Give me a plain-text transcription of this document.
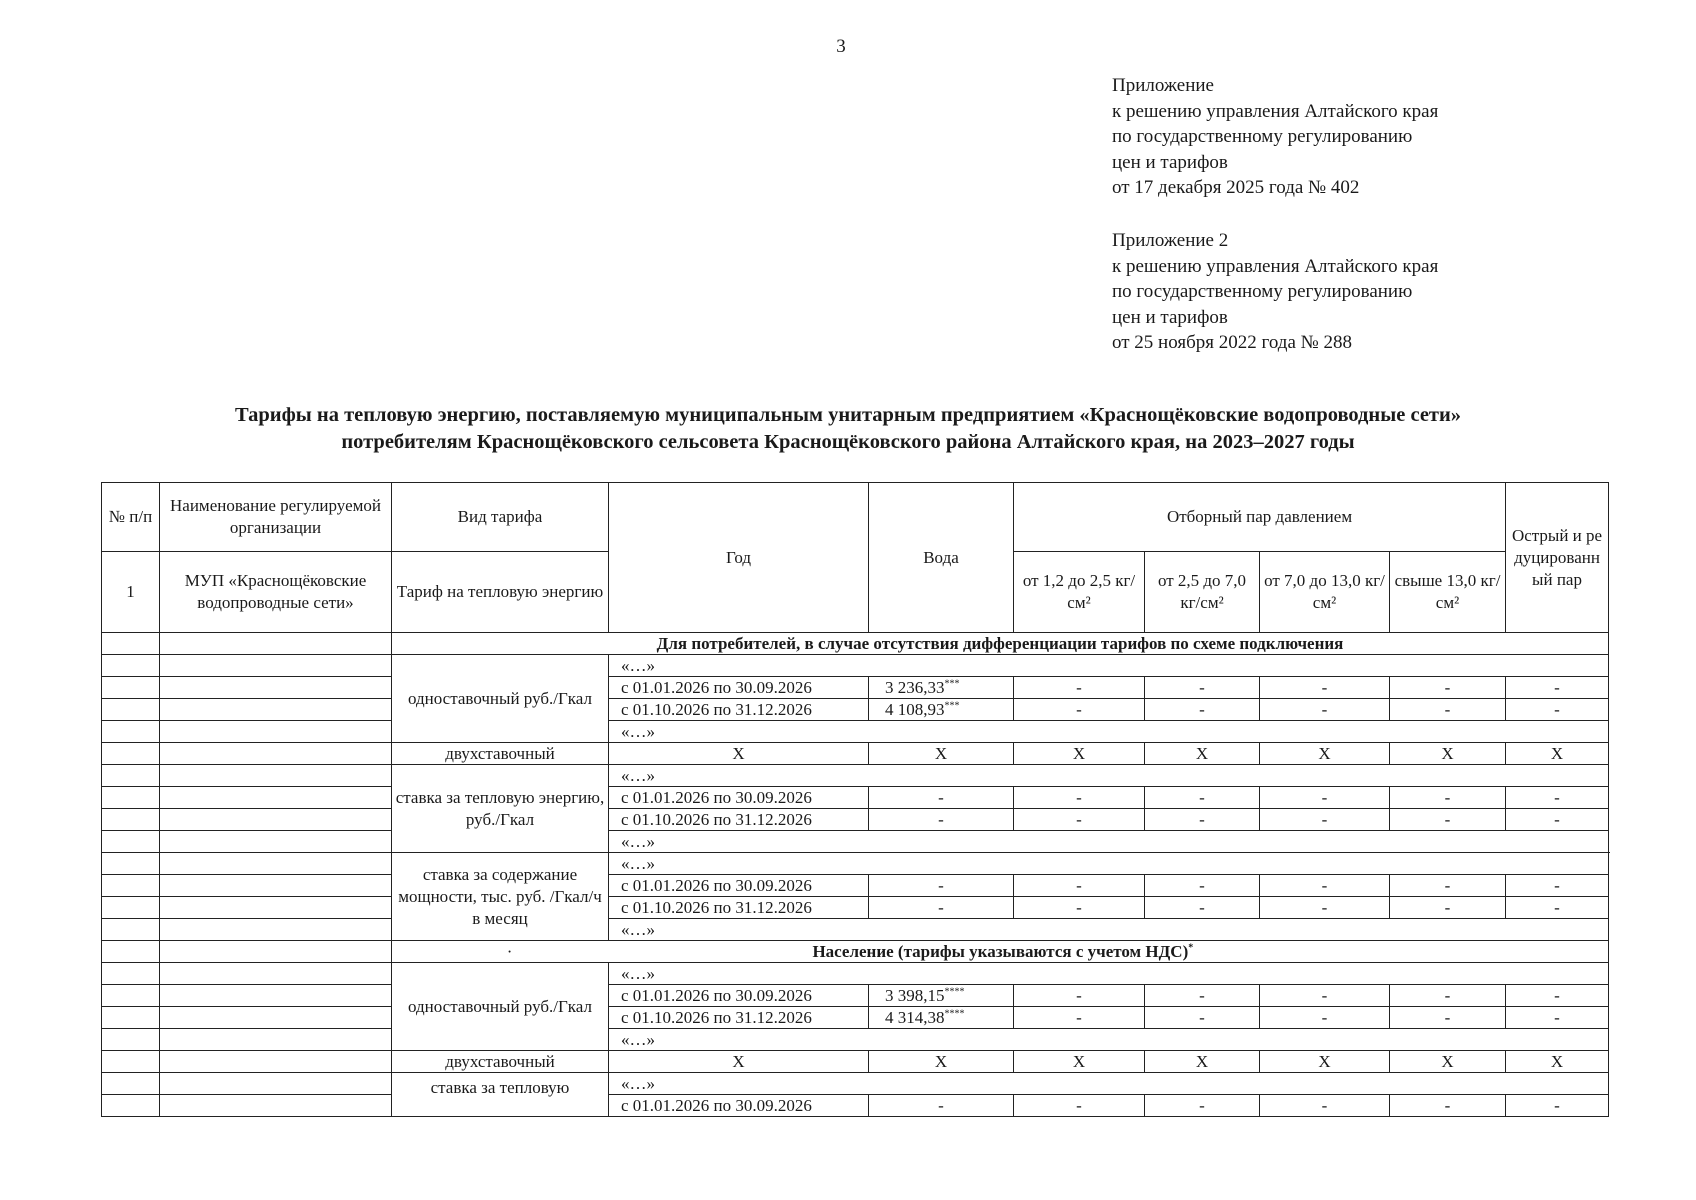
3
Приложение
к решению управления Алтайского края
по государственному регулированию
цен и тарифов
от 17 декабря 2025 года № 402
Приложение 2
к решению управления Алтайского края
по государственному регулированию
цен и тарифов
от 25 ноября 2022 года № 288
Тарифы на тепловую энергию, поставляемую муниципальным унитарным предприятием «Краснощёковские водопроводные сети»
потребителям Краснощёковского сельсовета Краснощёковского района Алтайского края, на 2023–2027 годы
№ п/п	Наименование регулируемой организации	Вид тарифа	Год	Вода	Отборный пар давлением				Острый и редуцированный пар	
1	МУП «Краснощёковские водопроводные сети»	Тариф на тепловую энергию			от 1,2 до 2,5 кг/см²	от 2,5 до 7,0 кг/см²	от 7,0 до 13,0 кг/см²	свыше 13,0 кг/см²		
		Для потребителей, в случае отсутствия дифференциации тарифов по схеме подключения								
		одноставочный руб./Гкал	«…»							
			с 01.01.2026 по 30.09.2026	3 236,33***	-	-	-	-	-	
			с 01.10.2026 по 31.12.2026	4 108,93***	-	-	-	-	-	
			«…»							
		двухставочный	X	X	X	X	X	X	X	
		ставка за тепловую энергию, руб./Гкал	«…»							
			с 01.01.2026 по 30.09.2026	-	-	-	-	-	-	
			с 01.10.2026 по 31.12.2026	-	-	-	-	-	-	
			«…»							
		ставка за содержание мощности, тыс. руб. /Гкал/ч в месяц	«…»							
			с 01.01.2026 по 30.09.2026	-	-	-	-	-	-	
			с 01.10.2026 по 31.12.2026	-	-	-	-	-	-	
			«…»							
		· Население (тарифы указываются с учетом НДС)*
		одноставочный руб./Гкал	«…»							
			с 01.01.2026 по 30.09.2026	3 398,15****	-	-	-	-	-	
			с 01.10.2026 по 31.12.2026	4 314,38****	-	-	-	-	-	
			«…»							
		двухставочный	X	X	X	X	X	X	X	
		ставка за тепловую	«…»							
			с 01.01.2026 по 30.09.2026	-	-	-	-	-	-	
